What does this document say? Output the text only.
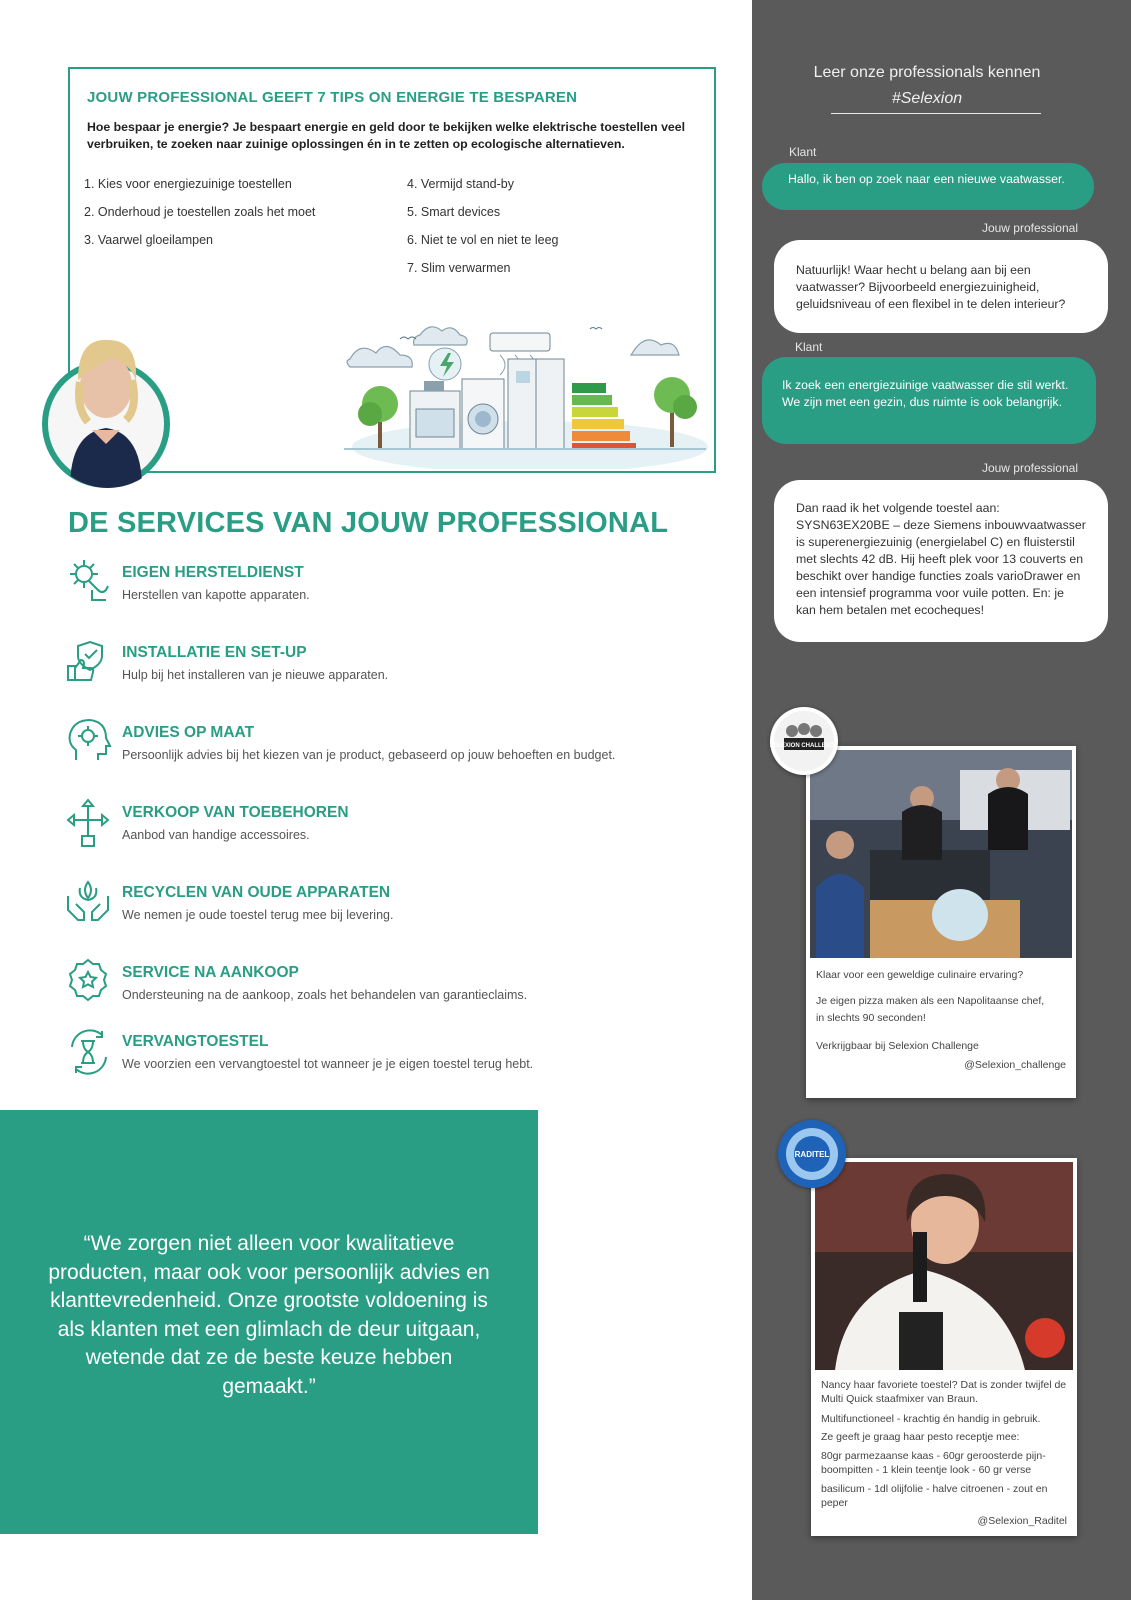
JOUW PROFESSIONAL GEEFT 7 TIPS ON ENERGIE TE BESPAREN
Hoe bespaar je energie? Je bespaart energie en geld door te bekijken welke elektrische toestellen veel verbruiken, te zoeken naar zuinige oplossingen én in te zetten op ecologische alternatieven.
1. Kies voor energiezuinige toestellen
2. Onderhoud je toestellen zoals het moet
3. Vaarwel gloeilampen
4. Vermijd stand-by
5. Smart devices
6. Niet te vol en niet te leeg
7. Slim verwarmen
DE SERVICES VAN JOUW PROFESSIONAL
EIGEN HERSTELDIENST
Herstellen van kapotte apparaten.
INSTALLATIE EN SET-UP
Hulp bij het installeren van je nieuwe apparaten.
ADVIES OP MAAT
Persoonlijk advies bij het kiezen van je product, gebaseerd op jouw behoeften en budget.
VERKOOP VAN TOEBEHOREN
Aanbod van handige accessoires.
RECYCLEN VAN OUDE APPARATEN
We nemen je oude toestel terug mee bij levering.
SERVICE NA AANKOOP
Ondersteuning na de aankoop, zoals het behandelen van garantieclaims.
VERVANGTOESTEL
We voorzien een vervangtoestel tot wanneer je je eigen toestel terug hebt.
“We zorgen niet alleen voor kwalitatieve producten, maar ook voor persoonlijk advies en klanttevredenheid. Onze grootste voldoening is als klanten met een glimlach de deur uitgaan, wetende dat ze de beste keuze hebben gemaakt.”
Leer onze professionals kennen
#Selexion
Klant
Hallo, ik ben op zoek naar een nieuwe vaatwasser.
Jouw professional
Natuurlijk! Waar hecht u belang aan bij een vaatwasser? Bijvoorbeeld energiezuinigheid, geluidsniveau of een flexibel in te delen interieur?
Klant
Ik zoek een energiezuinige vaatwasser die stil werkt. We zijn met een gezin, dus ruimte is ook belangrijk.
Jouw professional
Dan raad ik het volgende toestel aan: SYSN63EX20BE – deze Siemens inbouwvaatwasser is superenergiezuinig (energielabel C) en fluisterstil met slechts 42 dB. Hij heeft plek voor 13 couverts en beschikt over handige functies zoals varioDrawer en een intensief programma voor vuile potten. En: je kan hem betalen met ecocheques!
Klaar voor een geweldige culinaire ervaring?
Je eigen pizza maken als een Napolitaanse chef,
in slechts 90 seconden!
Verkrijgbaar bij Selexion Challenge
@Selexion_challenge
SELEXION CHALLENGE
Nancy haar favoriete toestel? Dat is zonder twijfel de Multi Quick staafmixer van Braun.
Multifunctioneel - krachtig én handig in gebruik.
Ze geeft je graag haar pesto receptje mee:
80gr parmezaanse kaas - 60gr geroosterde pijn-boompitten - 1 klein teentje look - 60 gr verse
basilicum - 1dl olijfolie - halve citroenen - zout en peper
@Selexion_Raditel
RADITEL
